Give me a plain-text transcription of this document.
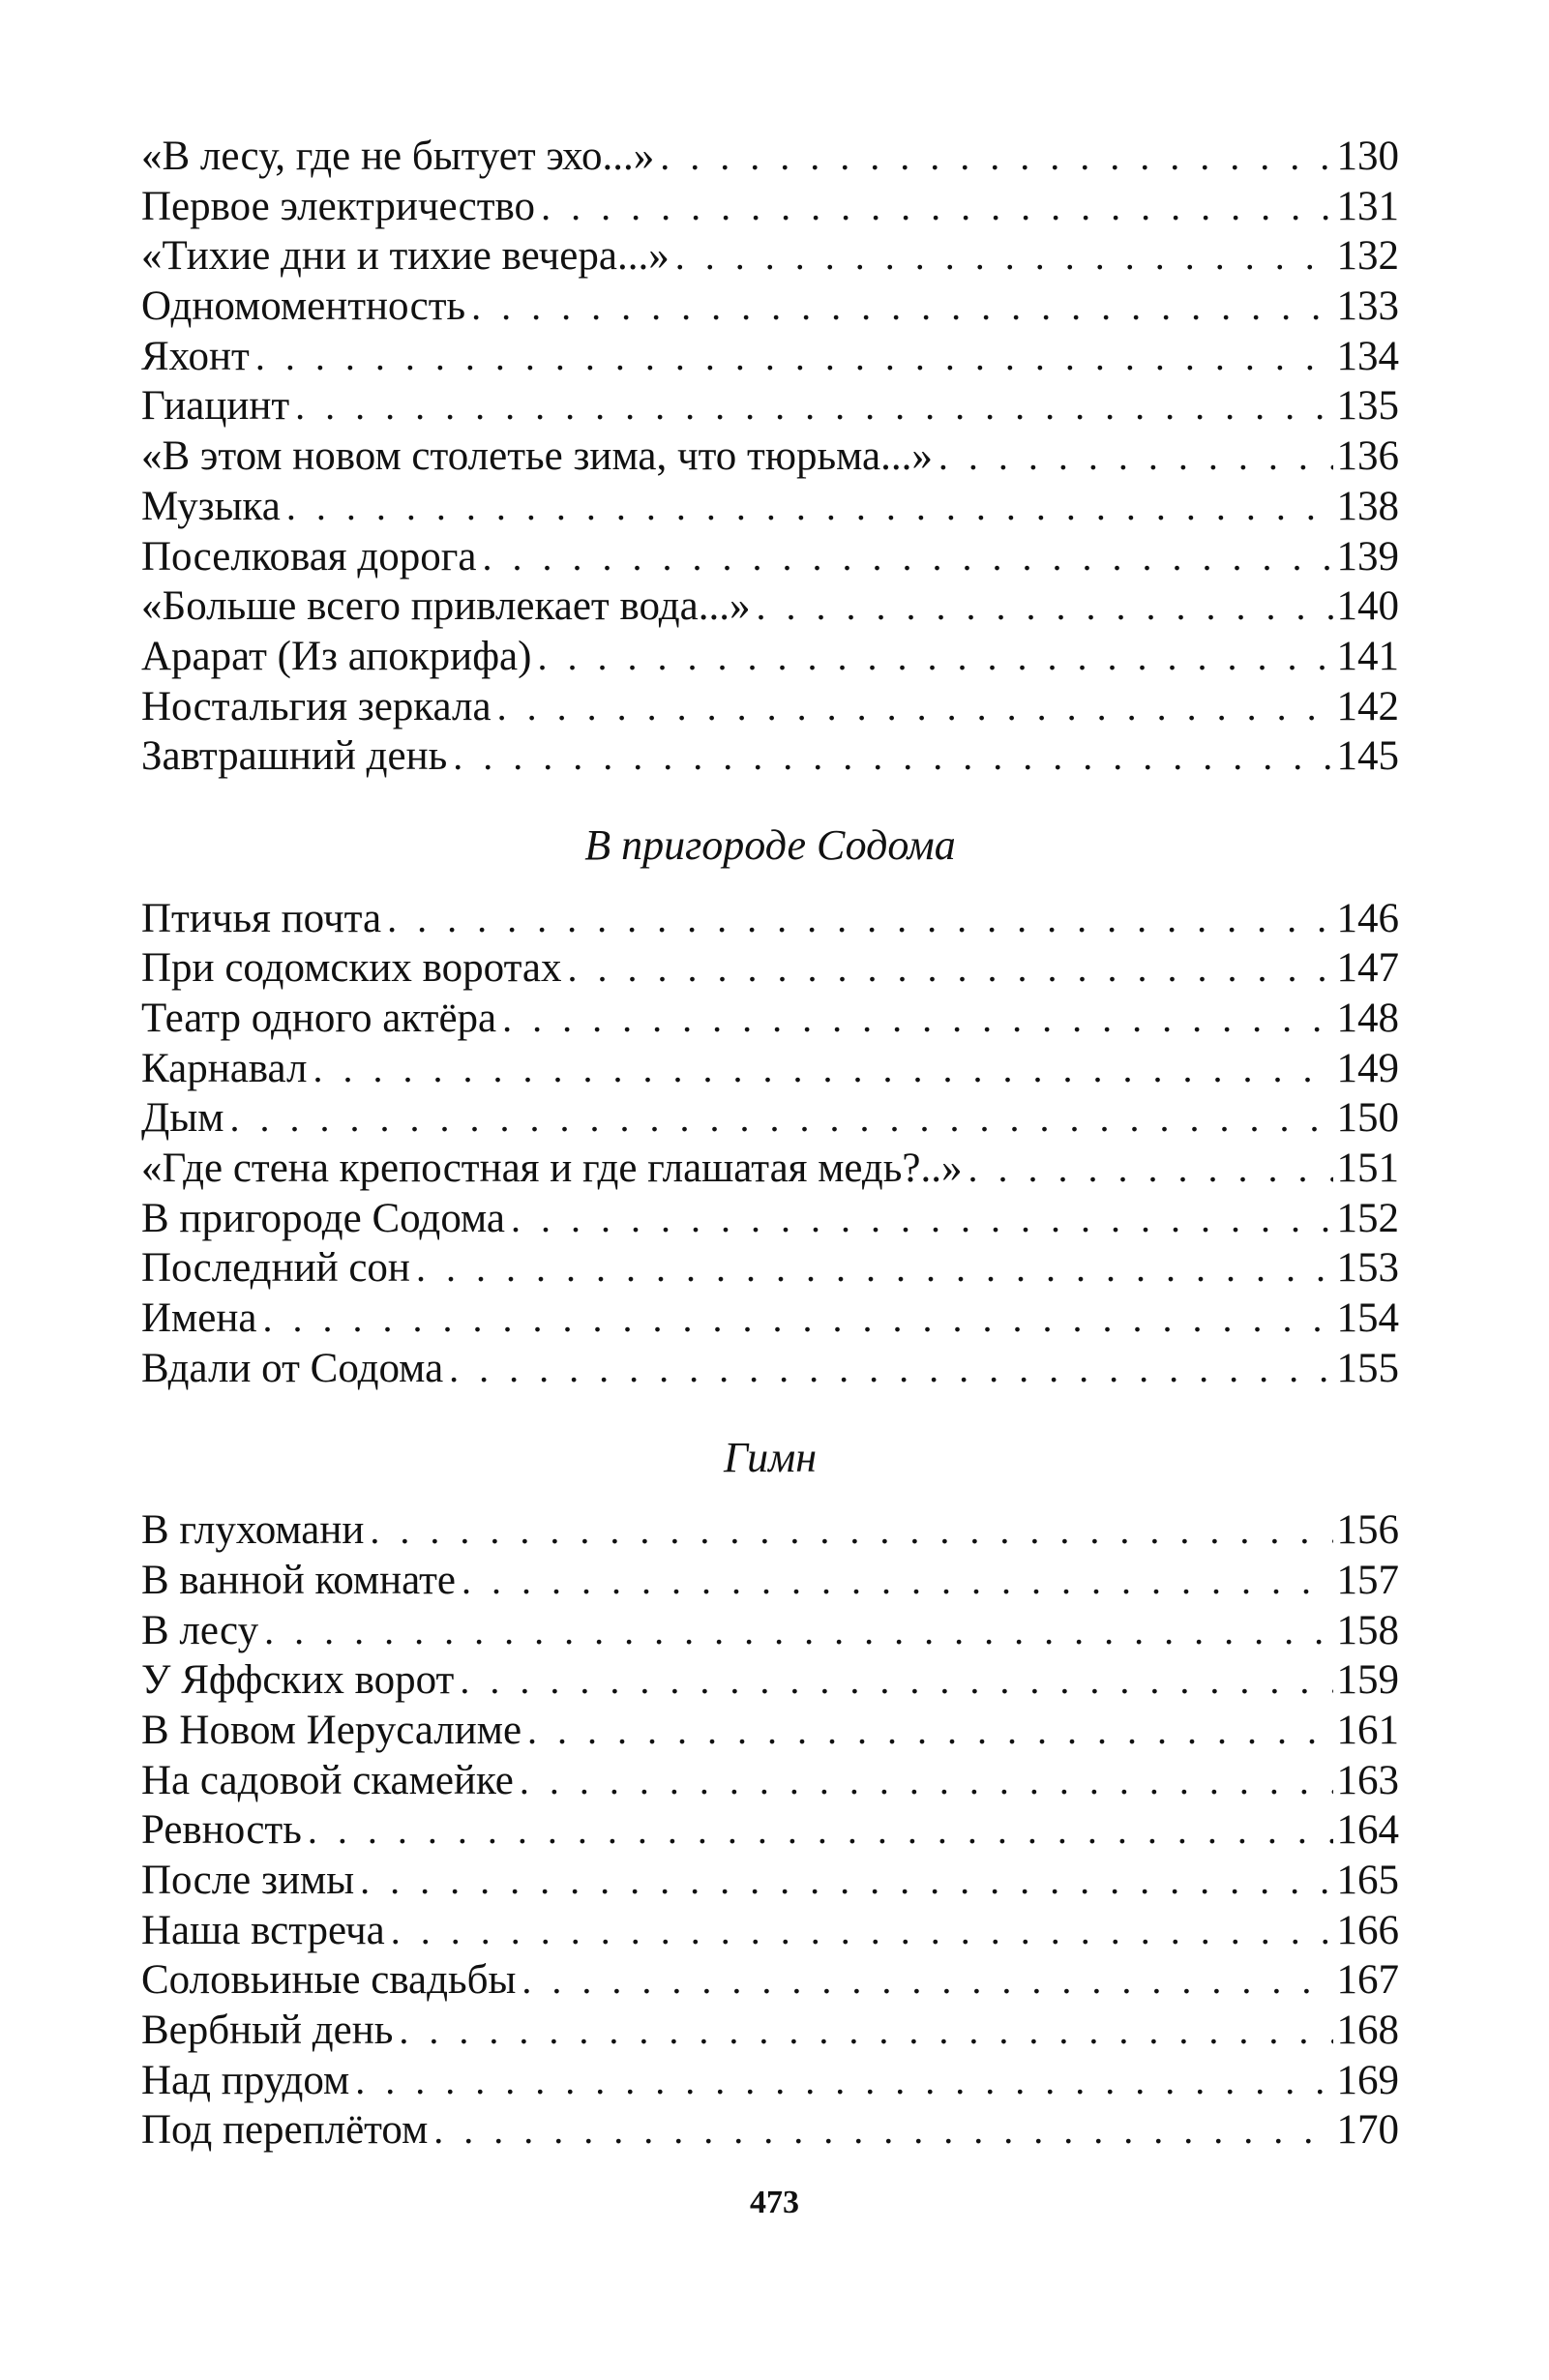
«В лесу, где не бытует эхо...» . . .	130
Первое электричество . . .	131
«Тихие дни и тихие вечера...» . . .	132
Одномоментность . . .	133
Яхонт . . .	134
Гиацинт . . .	135
«В этом новом столетье зима, что тюрьма...» . . .	136
Музыка . . .	138
Поселковая дорога . . .	139
«Больше всего привлекает вода...» . . .	140
Арарат (Из апокрифа) . . .	141
Ностальгия зеркала . . .	142
Завтрашний день . . .	145
В пригороде Содома
Птичья почта . . .	146
При содомских воротах . . .	147
Театр одного актёра . . .	148
Карнавал . . .	149
Дым . . .	150
«Где стена крепостная и где глашатая медь?..» . . .	151
В пригороде Содома . . .	152
Последний сон . . .	153
Имена . . .	154
Вдали от Содома . . .	155
Гимн
В глухомани . . .	156
В ванной комнате . . .	157
В лесу . . .	158
У Яффских ворот . . .	159
В Новом Иерусалиме . . .	161
На садовой скамейке . . .	163
Ревность . . .	164
После зимы . . .	165
Наша встреча . . .	166
Соловьиные свадьбы . . .	167
Вербный день . . .	168
Над прудом . . .	169
Под переплётом . . .	170
473
